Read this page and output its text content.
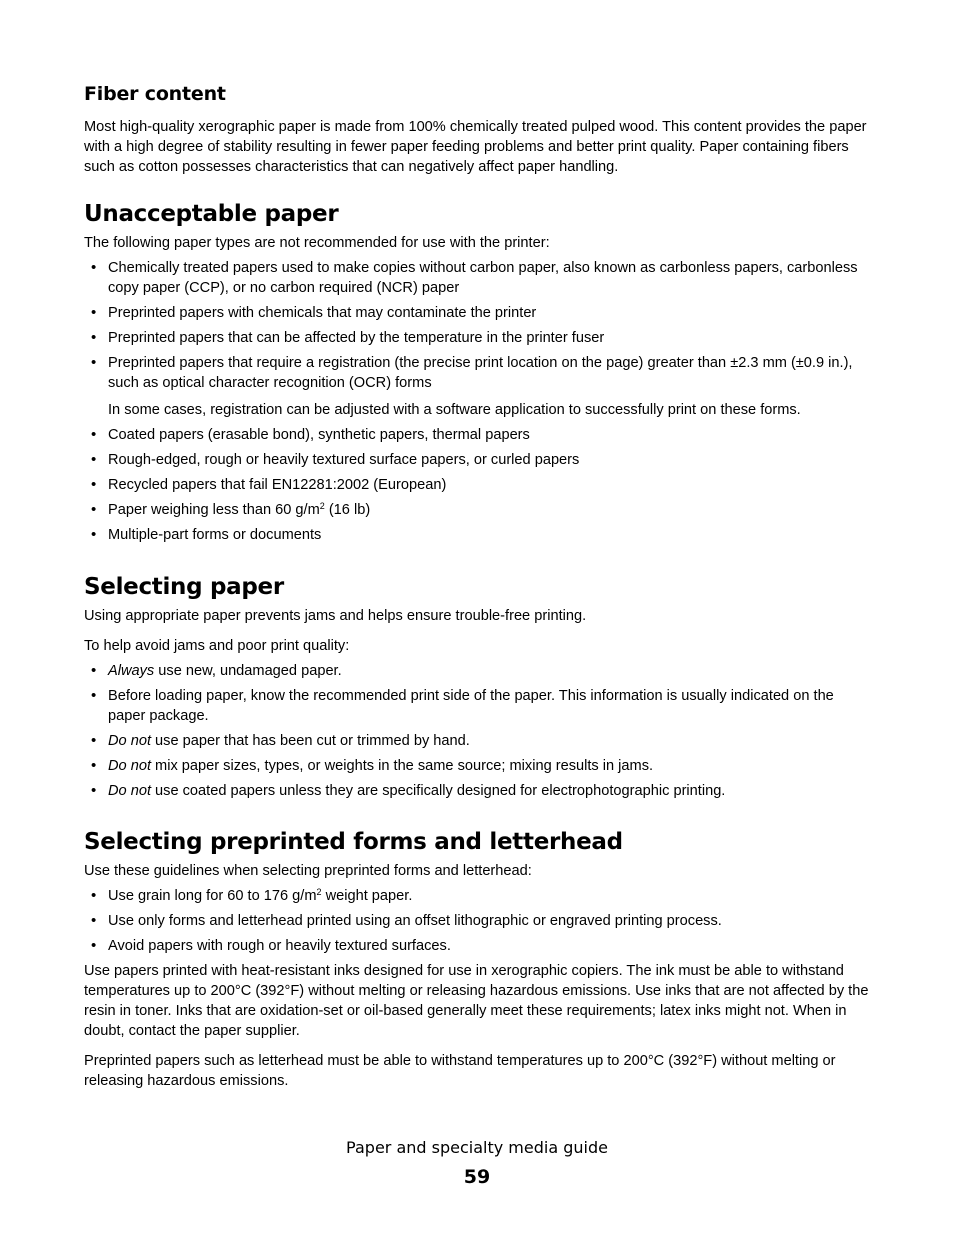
Fiber content

Most high-quality xerographic paper is made from 100% chemically treated pulped wood. This content provides the paper with a high degree of stability resulting in fewer paper feeding problems and better print quality. Paper containing fibers such as cotton possesses characteristics that can negatively affect paper handling.

Unacceptable paper

The following paper types are not recommended for use with the printer:

• Chemically treated papers used to make copies without carbon paper, also known as carbonless papers, carbonless copy paper (CCP), or no carbon required (NCR) paper
• Preprinted papers with chemicals that may contaminate the printer
• Preprinted papers that can be affected by the temperature in the printer fuser
• Preprinted papers that require a registration (the precise print location on the page) greater than ±2.3 mm (±0.9 in.), such as optical character recognition (OCR) forms
In some cases, registration can be adjusted with a software application to successfully print on these forms.
• Coated papers (erasable bond), synthetic papers, thermal papers
• Rough-edged, rough or heavily textured surface papers, or curled papers
• Recycled papers that fail EN12281:2002 (European)
• Paper weighing less than 60 $g/m^2$ (16 lb)
• Multiple-part forms or documents
Selecting paper

Using appropriate paper prevents jams and helps ensure trouble-free printing.

To help avoid jams and poor print quality:

• Always use new, undamaged paper.
• Before loading paper, know the recommended print side of the paper. This information is usually indicated on the paper package.
• Do not use paper that has been cut or trimmed by hand.
• Do not mix paper sizes, types, or weights in the same source; mixing results in jams.
• Do not use coated papers unless they are specifically designed for electrophotographic printing.
Selecting preprinted forms and letterhead

Use these guidelines when selecting preprinted forms and letterhead:

• Use grain long for 60 to 176 $g/m^2$ weight paper.
• Use only forms and letterhead printed using an offset lithographic or engraved printing process.
• Avoid papers with rough or heavily textured surfaces.

Use papers printed with heat-resistant inks designed for use in xerographic copiers. The ink must be able to withstand temperatures up to 200°C (392°F) without melting or releasing hazardous emissions. Use inks that are not affected by the resin in toner. Inks that are oxidation-set or oil-based generally meet these requirements; latex inks might not. When in doubt, contact the paper supplier.

Preprinted papers such as letterhead must be able to withstand temperatures up to 200°C (392°F) without melting or releasing hazardous emissions.

Paper and specialty media guide
59
